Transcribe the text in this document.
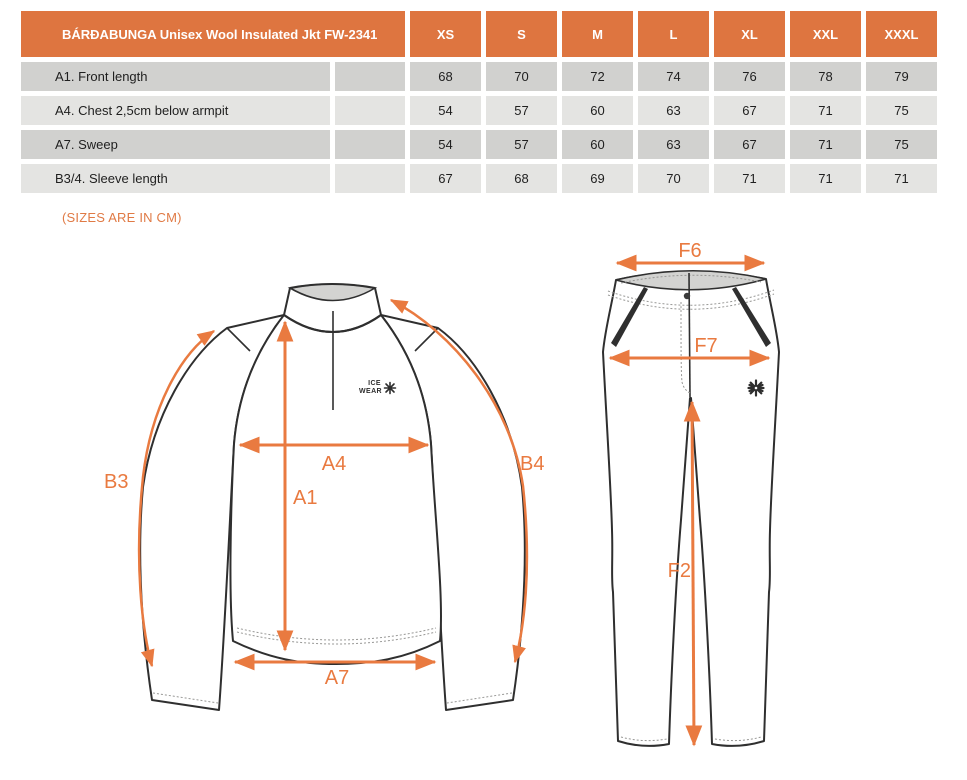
BÁRÐABUNGA Unisex Wool Insulated Jkt FW-2341	XS	S	M	L	XL	XXL	XXXL
A1. Front length	68	70	72	74	76	78	79
A4. Chest 2,5cm below armpit	54	57	60	63	67	71	75
A7. Sweep	54	57	60	63	67	71	75
B3/4. Sleeve length	67	68	69	70	71	71	71
(SIZES ARE IN CM)
ICE
WEAR
A4
A1
A7
B3
B4
F6
F7
F2
